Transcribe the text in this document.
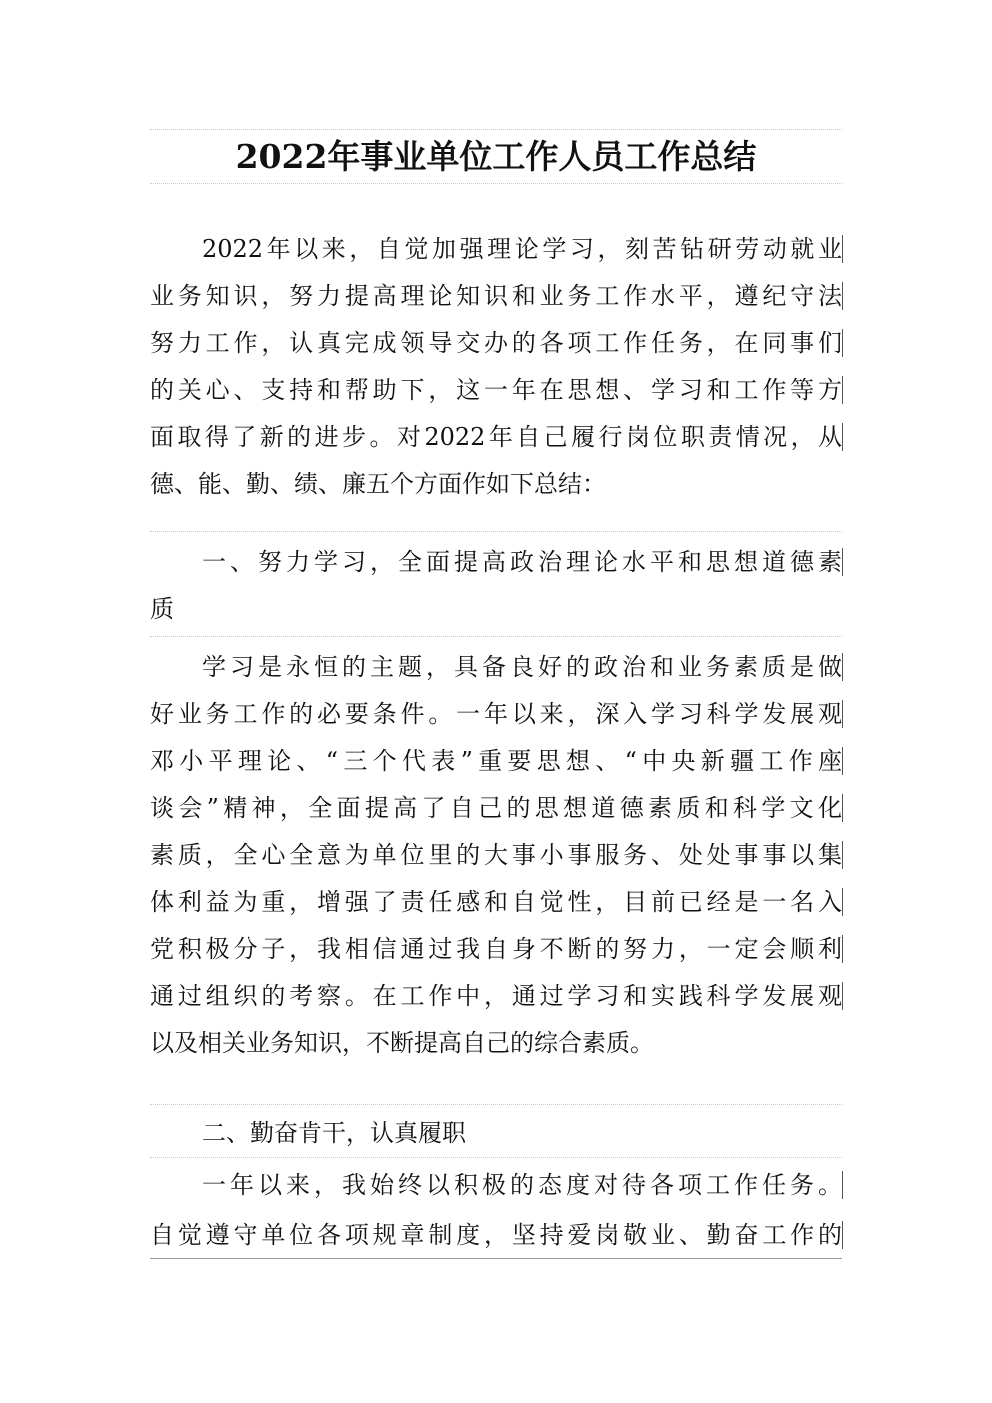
2022年事业单位工作人员工作总结
2022年以来，自觉加强理论学习，刻苦钻研劳动就业
业务知识，努力提高理论知识和业务工作水平，遵纪守法
努力工作，认真完成领导交办的各项工作任务，在同事们
的关心、支持和帮助下，这一年在思想、学习和工作等方
面取得了新的进步。对2022年自己履行岗位职责情况，从
德、能、勤、绩、廉五个方面作如下总结：
一、努力学习，全面提高政治理论水平和思想道德素
质
学习是永恒的主题，具备良好的政治和业务素质是做
好业务工作的必要条件。一年以来，深入学习科学发展观
邓小平理论、“三个代表”重要思想、“中央新疆工作座
谈会”精神，全面提高了自己的思想道德素质和科学文化
素质，全心全意为单位里的大事小事服务、处处事事以集
体利益为重，增强了责任感和自觉性，目前已经是一名入
党积极分子，我相信通过我自身不断的努力，一定会顺利
通过组织的考察。在工作中，通过学习和实践科学发展观
以及相关业务知识，不断提高自己的综合素质。
二、勤奋肯干，认真履职
一年以来，我始终以积极的态度对待各项工作任务。
自觉遵守单位各项规章制度，坚持爱岗敬业、勤奋工作的
